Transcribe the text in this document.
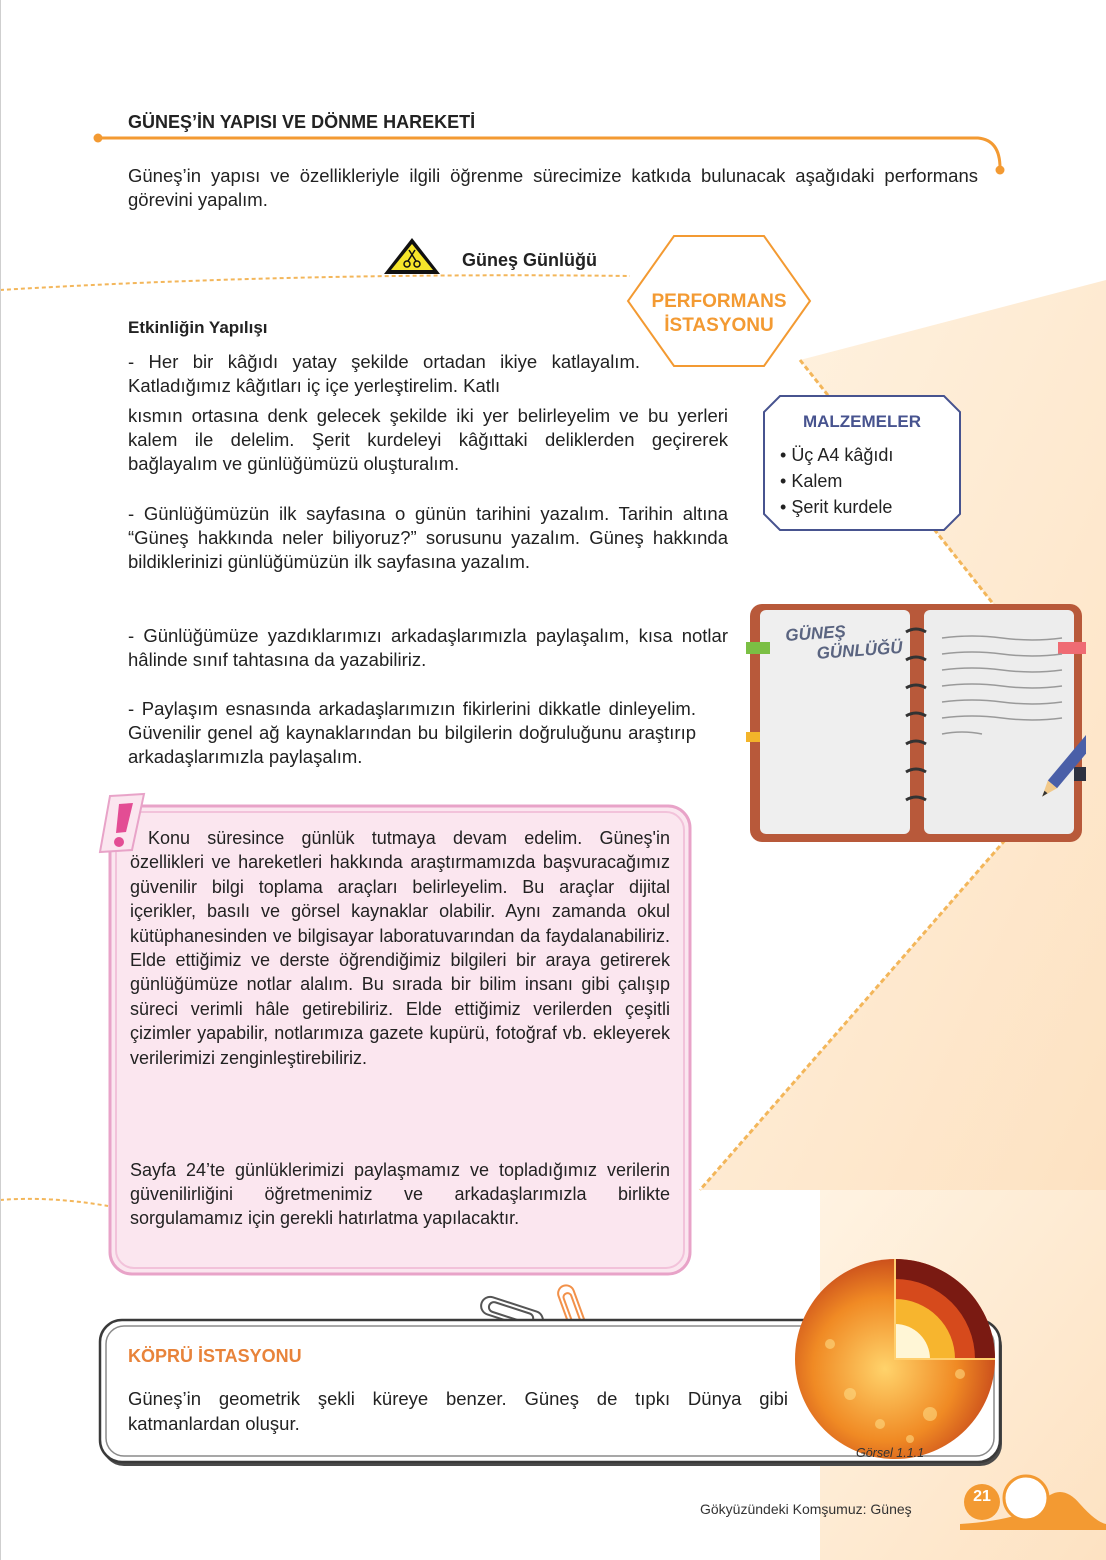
GÜNEŞ’İN YAPISI VE DÖNME HAREKETİ
Güneş’in yapısı ve özellikleriyle ilgili öğrenme sürecimize katkıda bulunacak aşağıdaki performans görevini yapalım.
Güneş Günlüğü
PERFORMANS
İSTASYONU
Etkinliğin Yapılışı
- Her bir kâğıdı yatay şekilde ortadan ikiye katlayalım. Katladığımız kâğıtları iç içe yerleştirelim. Katlı
kısmın ortasına denk gelecek şekilde iki yer belirleyelim ve bu yerleri kalem ile delelim. Şerit kurdeleyi kâğıttaki deliklerden geçirerek bağlayalım ve günlüğümüzü oluşturalım.
- Günlüğümüzün ilk sayfasına o günün tarihini yazalım. Tarihin altına “Güneş hakkında neler biliyoruz?” sorusunu yazalım. Güneş hakkında bildiklerinizi günlüğümüzün ilk sayfasına yazalım.
- Günlüğümüze yazdıklarımızı arkadaşlarımızla paylaşalım, kısa notlar hâlinde sınıf tahtasına da yazabiliriz.
- Paylaşım esnasında arkadaşlarımızın fikirlerini dikkatle dinleyelim. Güvenilir genel ağ kaynaklarından bu bilgilerin doğruluğunu araştırıp arkadaşlarımızla paylaşalım.
MALZEMELER
• Üç A4 kâğıdı
• Kalem
• Şerit kurdele
GÜNEŞ
GÜNLÜĞÜ
Konu süresince günlük tutmaya devam edelim. Güneş'in özellikleri ve hareketleri hakkında araştırmamızda başvuracağımız güvenilir bilgi toplama araçları belirleyelim. Bu araçlar dijital içerikler, basılı ve görsel kaynaklar olabilir. Aynı zamanda okul kütüphanesinden ve bilgisayar laboratuvarından da faydalanabiliriz. Elde ettiğimiz ve derste öğrendiğimiz bilgileri bir araya getirerek günlüğümüze notlar alalım. Bu sırada bir bilim insanı gibi çalışıp süreci verimli hâle getirebiliriz. Elde ettiğimiz verilerden çeşitli çizimler yapabilir, notlarımıza gazete kupürü, fotoğraf vb. ekleyerek verilerimizi zenginleştirebiliriz.
Sayfa 24’te günlüklerimizi paylaşmamız ve topladığımız verilerin güvenilirliğini öğretmenimiz ve arkadaşlarımızla birlikte sorgulamamız için gerekli hatırlatma yapılacaktır.
KÖPRÜ İSTASYONU
Güneş’in geometrik şekli küreye benzer. Güneş de tıpkı Dünya gibi katmanlardan oluşur.
Görsel 1.1.1
Gökyüzündeki Komşumuz: Güneş
21
